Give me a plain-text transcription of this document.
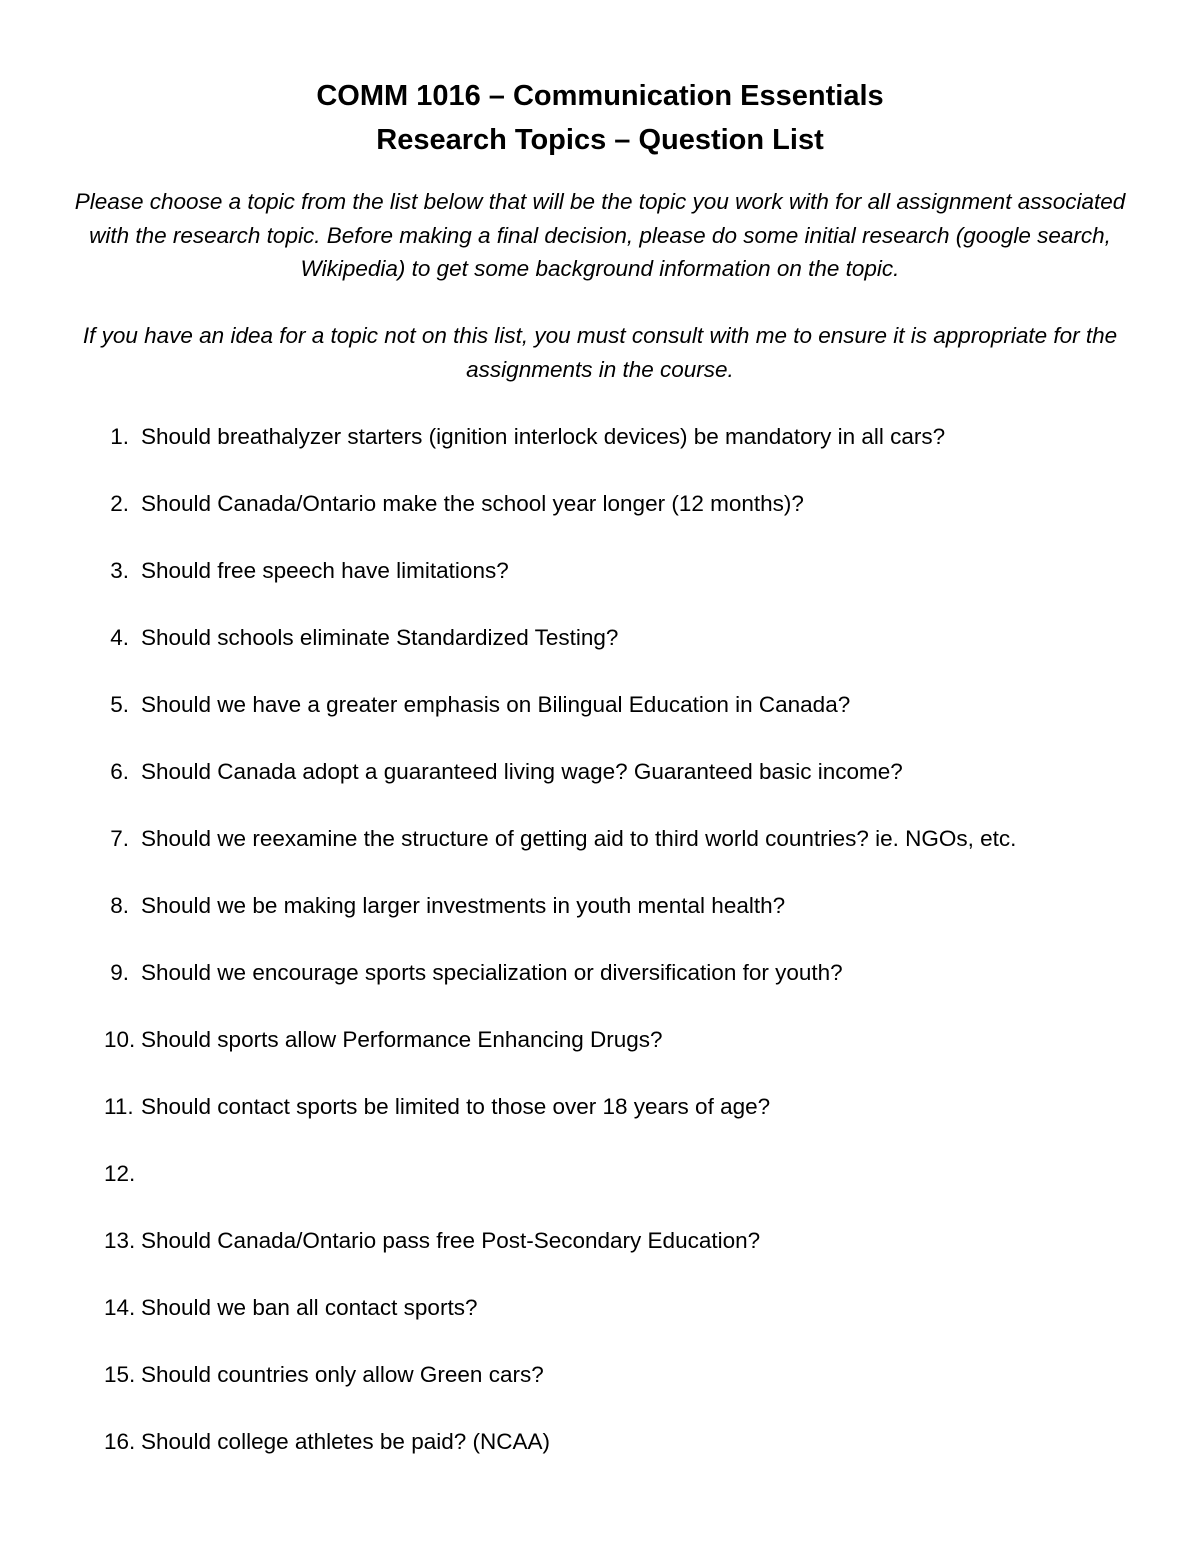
COMM 1016 – Communication Essentials
Research Topics – Question List

Please choose a topic from the list below that will be the topic you work with for all assignment associated with the research topic. Before making a final decision, please do some initial research (google search, Wikipedia) to get some background information on the topic.

If you have an idea for a topic not on this list, you must consult with me to ensure it is appropriate for the assignments in the course.

1. Should breathalyzer starters (ignition interlock devices) be mandatory in all cars?
2. Should Canada/Ontario make the school year longer (12 months)?
3. Should free speech have limitations?
4. Should schools eliminate Standardized Testing?
5. Should we have a greater emphasis on Bilingual Education in Canada?
6. Should Canada adopt a guaranteed living wage? Guaranteed basic income?
7. Should we reexamine the structure of getting aid to third world countries? ie. NGOs, etc.
8. Should we be making larger investments in youth mental health?
9. Should we encourage sports specialization or diversification for youth?
10. Should sports allow Performance Enhancing Drugs?
11. Should contact sports be limited to those over 18 years of age?
12.
13. Should Canada/Ontario pass free Post-Secondary Education?
14. Should we ban all contact sports?
15. Should countries only allow Green cars?
16. Should college athletes be paid? (NCAA)
